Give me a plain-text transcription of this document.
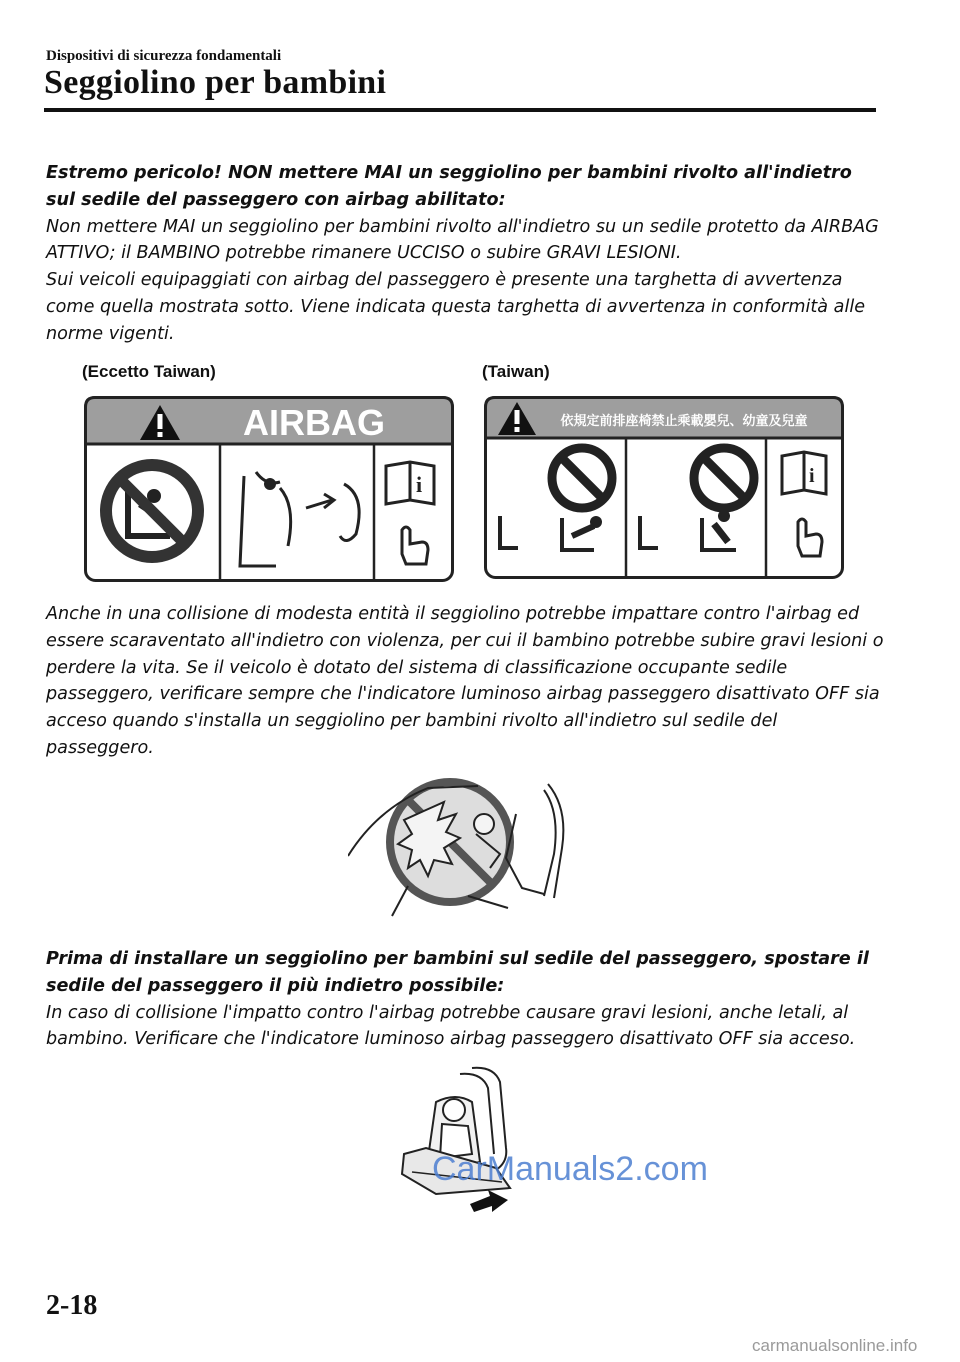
Dispositivi di sicurezza fondamentali
Seggiolino per bambini
Estremo pericolo! NON mettere MAI un seggiolino per bambini rivolto all'indietro sul sedile del passeggero con airbag abilitato:
Non mettere MAI un seggiolino per bambini rivolto all'indietro su un sedile protetto da AIRBAG ATTIVO; il BAMBINO potrebbe rimanere UCCISO o subire GRAVI LESIONI.
Sui veicoli equipaggiati con airbag del passeggero è presente una targhetta di avvertenza come quella mostrata sotto. Viene indicata questa targhetta di avvertenza in conformità alle norme vigenti.
(Eccetto Taiwan)	(Taiwan)
AIRBAG
i
依規定前排座椅禁止乘載嬰兒、幼童及兒童
i
Anche in una collisione di modesta entità il seggiolino potrebbe impattare contro l'airbag ed essere scaraventato all'indietro con violenza, per cui il bambino potrebbe subire gravi lesioni o perdere la vita. Se il veicolo è dotato del sistema di classificazione occupante sedile passeggero, verificare sempre che l'indicatore luminoso airbag passeggero disattivato OFF sia acceso quando s'installa un seggiolino per bambini rivolto all'indietro sul sedile del passeggero.
Prima di installare un seggiolino per bambini sul sedile del passeggero, spostare il sedile del passeggero il più indietro possibile:
In caso di collisione l'impatto contro l'airbag potrebbe causare gravi lesioni, anche letali, al bambino. Verificare che l'indicatore luminoso airbag passeggero disattivato OFF sia acceso.
CarManuals2.com
2-18
carmanualsonline.info
